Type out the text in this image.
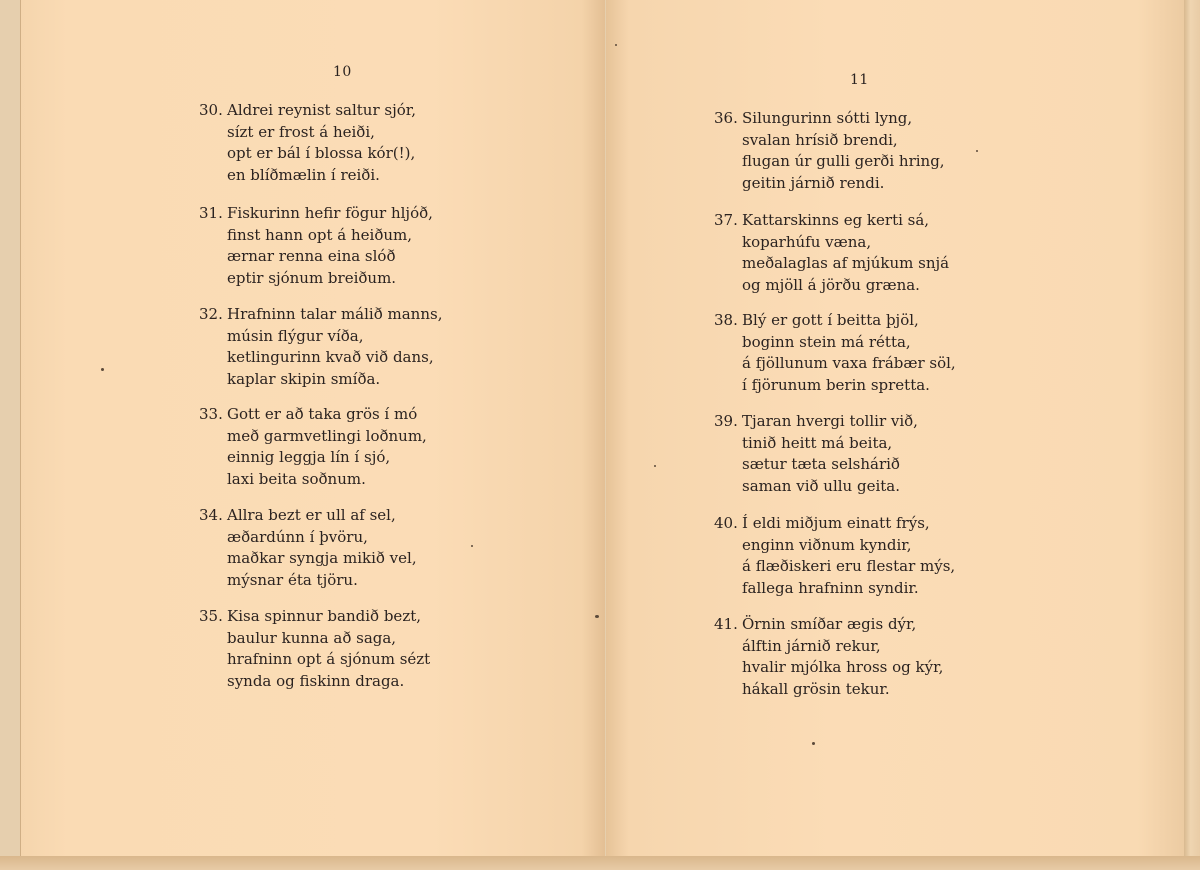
10
30. Aldrei reynist saltur sjór,
sízt er frost á heiði,
opt er bál í blossa kór(!),
en blíðmælin í reiði.
31. Fiskurinn hefir fögur hljóð,
finst hann opt á heiðum,
ærnar renna eina slóð
eptir sjónum breiðum.
32. Hrafninn talar málið manns,
músin flýgur víða,
ketlingurinn kvað við dans,
kaplar skipin smíða.
33. Gott er að taka grös í mó
með garmvetlingi loðnum,
einnig leggja lín í sjó,
laxi beita soðnum.
34. Allra bezt er ull af sel,
æðardúnn í þvöru,
maðkar syngja mikið vel,
mýsnar éta tjöru.
35. Kisa spinnur bandið bezt,
baulur kunna að saga,
hrafninn opt á sjónum sézt
synda og fiskinn draga.
11
36. Silungurinn sótti lyng,
svalan hrísið brendi,
flugan úr gulli gerði hring,
geitin járnið rendi.
37. Kattarskinns eg kerti sá,
koparhúfu væna,
meðalaglas af mjúkum snjá
og mjöll á jörðu græna.
38. Blý er gott í beitta þjöl,
boginn stein má rétta,
á fjöllunum vaxa frábær söl,
í fjörunum berin spretta.
39. Tjaran hvergi tollir við,
tinið heitt má beita,
sætur tæta selshárið
saman við ullu geita.
40. Í eldi miðjum einatt frýs,
enginn viðnum kyndir,
á flæðiskeri eru flestar mýs,
fallega hrafninn syndir.
41. Örnin smíðar ægis dýr,
álftin járnið rekur,
hvalir mjólka hross og kýr,
hákall grösin tekur.
